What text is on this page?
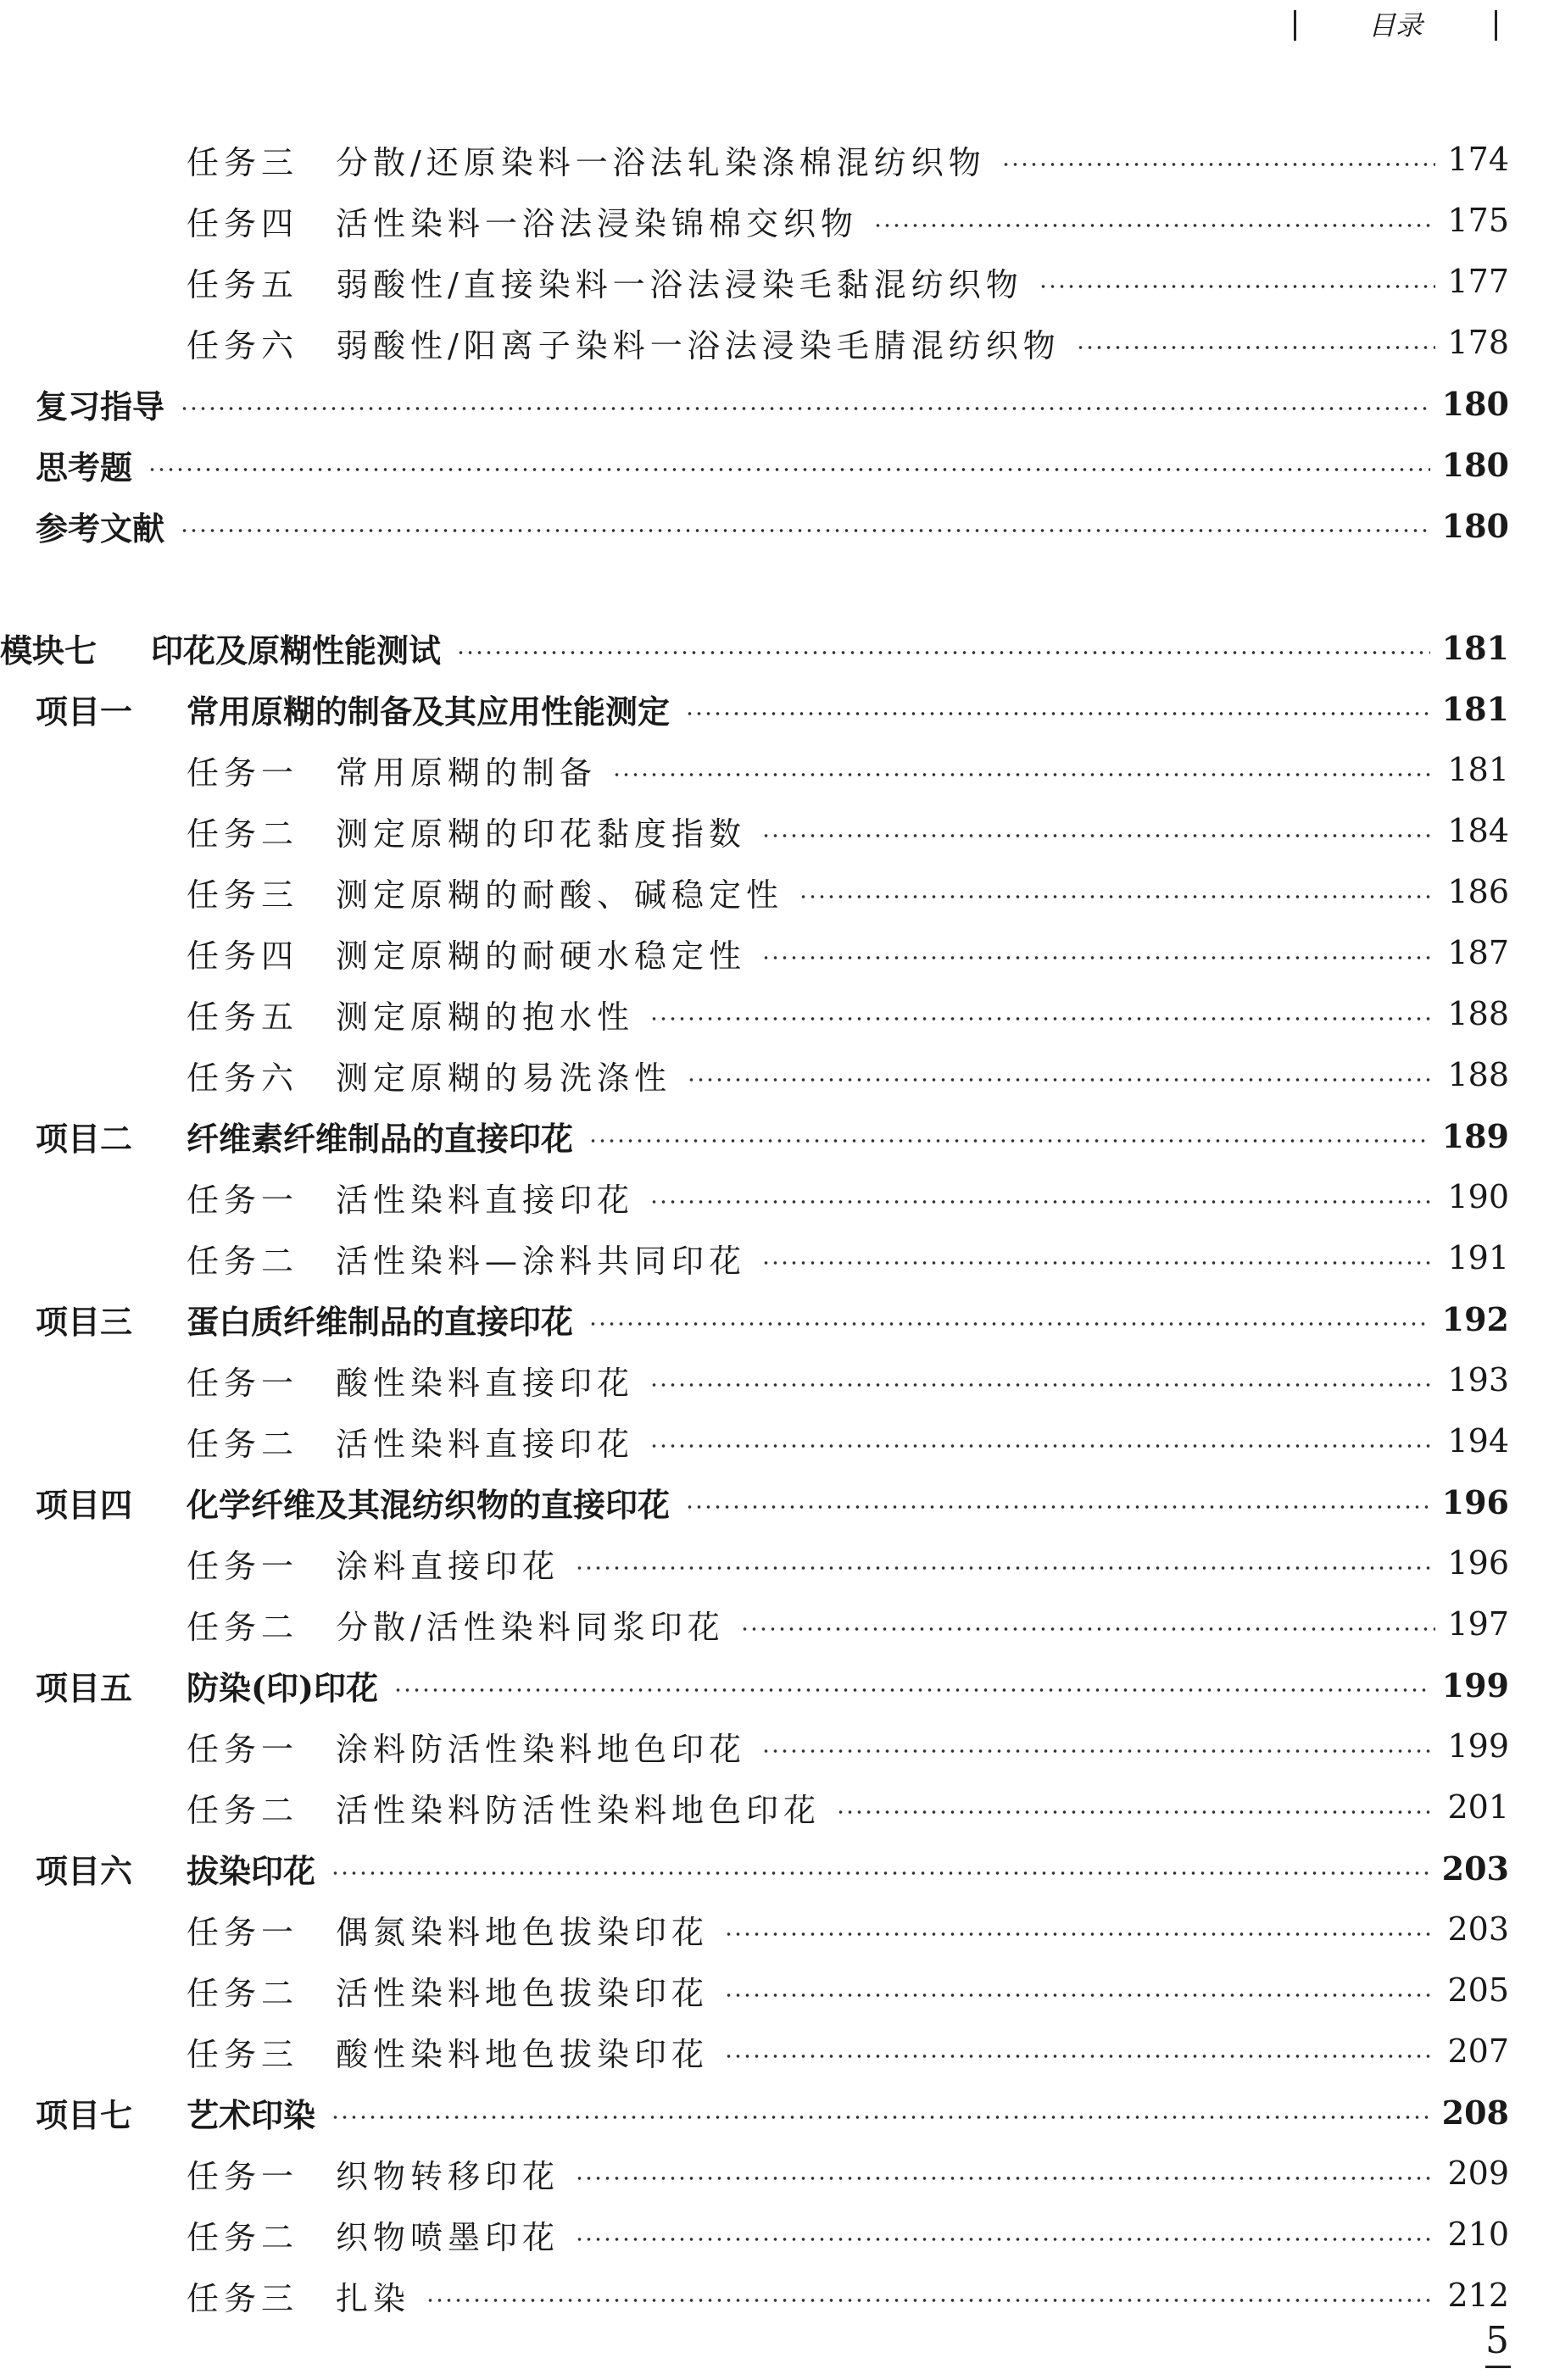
目录
任务三	分散/还原染料一浴法轧染涤棉混纺织物	174
任务四	活性染料一浴法浸染锦棉交织物	175
任务五	弱酸性/直接染料一浴法浸染毛黏混纺织物	177
任务六	弱酸性/阳离子染料一浴法浸染毛腈混纺织物	178
复习指导	180
思考题	180
参考文献	180
模块七	印花及原糊性能测试	181
项目一	常用原糊的制备及其应用性能测定	181
任务一	常用原糊的制备	181
任务二	测定原糊的印花黏度指数	184
任务三	测定原糊的耐酸、碱稳定性	186
任务四	测定原糊的耐硬水稳定性	187
任务五	测定原糊的抱水性	188
任务六	测定原糊的易洗涤性	188
项目二	纤维素纤维制品的直接印花	189
任务一	活性染料直接印花	190
任务二	活性染料—涂料共同印花	191
项目三	蛋白质纤维制品的直接印花	192
任务一	酸性染料直接印花	193
任务二	活性染料直接印花	194
项目四	化学纤维及其混纺织物的直接印花	196
任务一	涂料直接印花	196
任务二	分散/活性染料同浆印花	197
项目五	防染(印)印花	199
任务一	涂料防活性染料地色印花	199
任务二	活性染料防活性染料地色印花	201
项目六	拔染印花	203
任务一	偶氮染料地色拔染印花	203
任务二	活性染料地色拔染印花	205
任务三	酸性染料地色拔染印花	207
项目七	艺术印染	208
任务一	织物转移印花	209
任务二	织物喷墨印花	210
任务三	扎染	212
5
